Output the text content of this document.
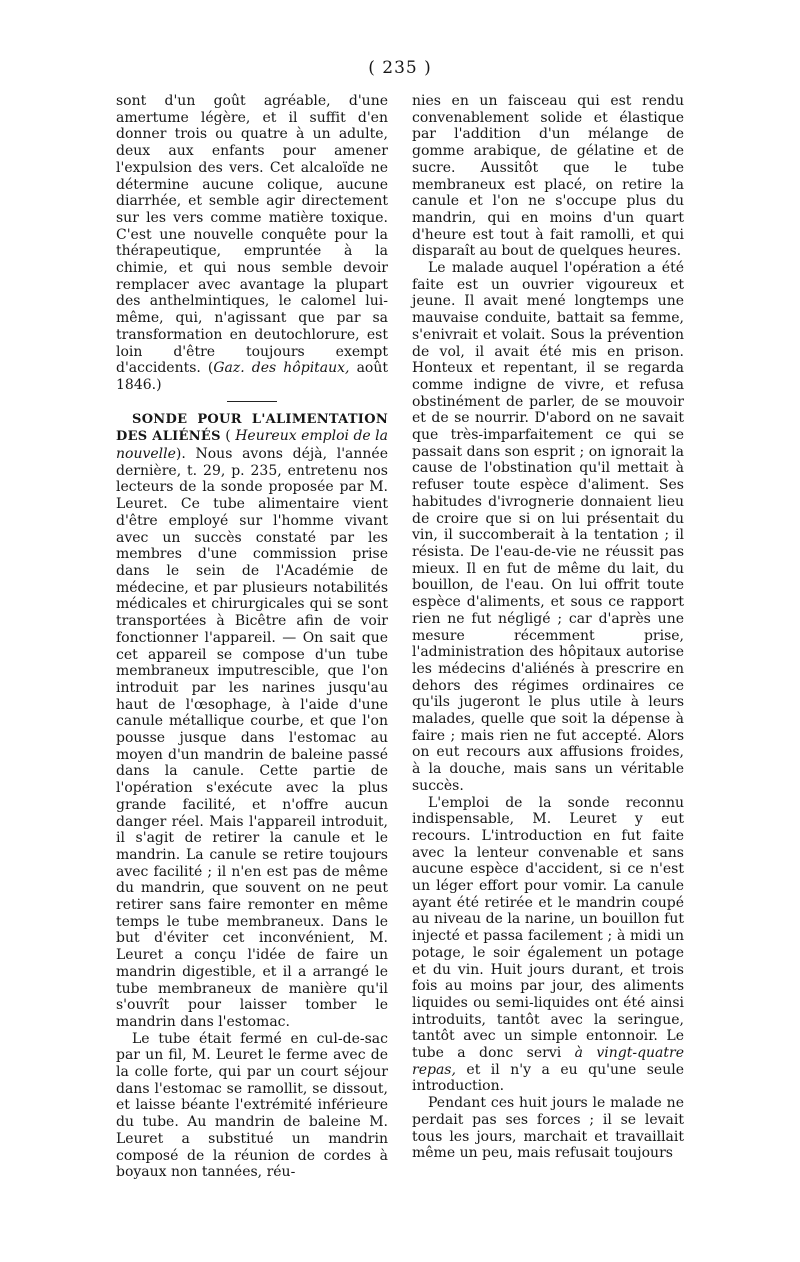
( 235 )

sont d'un goût agréable, d'une amertume légère, et il suffit d'en donner trois ou quatre à un adulte, deux aux enfants pour amener l'expulsion des vers. Cet alcaloïde ne détermine aucune colique, aucune diarrhée, et semble agir directement sur les vers comme matière toxique. C'est une nouvelle conquête pour la thérapeutique, empruntée à la chimie, et qui nous semble devoir remplacer avec avantage la plupart des anthelmintiques, le calomel lui-même, qui, n'agissant que par sa transformation en deutochlorure, est loin d'être toujours exempt d'accidents. (Gaz. des hôpitaux, août 1846.)

SONDE POUR L'ALIMENTATION DES ALIÉNÉS ( Heureux emploi de la nouvelle). Nous avons déjà, l'année dernière, t. 29, p. 235, entretenu nos lecteurs de la sonde proposée par M. Leuret. Ce tube alimentaire vient d'être employé sur l'homme vivant avec un succès constaté par les membres d'une commission prise dans le sein de l'Académie de médecine, et par plusieurs notabilités médicales et chirurgicales qui se sont transportées à Bicêtre afin de voir fonctionner l'appareil. — On sait que cet appareil se compose d'un tube membraneux imputrescible, que l'on introduit par les narines jusqu'au haut de l'œsophage, à l'aide d'une canule métallique courbe, et que l'on pousse jusque dans l'estomac au moyen d'un mandrin de baleine passé dans la canule. Cette partie de l'opération s'exécute avec la plus grande facilité, et n'offre aucun danger réel. Mais l'appareil introduit, il s'agit de retirer la canule et le mandrin. La canule se retire toujours avec facilité ; il n'en est pas de même du mandrin, que souvent on ne peut retirer sans faire remonter en même temps le tube membraneux. Dans le but d'éviter cet inconvénient, M. Leuret a conçu l'idée de faire un mandrin digestible, et il a arrangé le tube membraneux de manière qu'il s'ouvrît pour laisser tomber le mandrin dans l'estomac.

Le tube était fermé en cul-de-sac par un fil, M. Leuret le ferme avec de la colle forte, qui par un court séjour dans l'estomac se ramollit, se dissout, et laisse béante l'extrémité inférieure du tube. Au mandrin de baleine M. Leuret a substitué un mandrin composé de la réunion de cordes à boyaux non tannées, réu-

nies en un faisceau qui est rendu convenablement solide et élastique par l'addition d'un mélange de gomme arabique, de gélatine et de sucre. Aussitôt que le tube membraneux est placé, on retire la canule et l'on ne s'occupe plus du mandrin, qui en moins d'un quart d'heure est tout à fait ramolli, et qui disparaît au bout de quelques heures.

Le malade auquel l'opération a été faite est un ouvrier vigoureux et jeune. Il avait mené longtemps une mauvaise conduite, battait sa femme, s'enivrait et volait. Sous la prévention de vol, il avait été mis en prison. Honteux et repentant, il se regarda comme indigne de vivre, et refusa obstinément de parler, de se mouvoir et de se nourrir. D'abord on ne savait que très-imparfaitement ce qui se passait dans son esprit ; on ignorait la cause de l'obstination qu'il mettait à refuser toute espèce d'aliment. Ses habitudes d'ivrognerie donnaient lieu de croire que si on lui présentait du vin, il succomberait à la tentation ; il résista. De l'eau-de-vie ne réussit pas mieux. Il en fut de même du lait, du bouillon, de l'eau. On lui offrit toute espèce d'aliments, et sous ce rapport rien ne fut négligé ; car d'après une mesure récemment prise, l'administration des hôpitaux autorise les médecins d'aliénés à prescrire en dehors des régimes ordinaires ce qu'ils jugeront le plus utile à leurs malades, quelle que soit la dépense à faire ; mais rien ne fut accepté. Alors on eut recours aux affusions froides, à la douche, mais sans un véritable succès.

L'emploi de la sonde reconnu indispensable, M. Leuret y eut recours. L'introduction en fut faite avec la lenteur convenable et sans aucune espèce d'accident, si ce n'est un léger effort pour vomir. La canule ayant été retirée et le mandrin coupé au niveau de la narine, un bouillon fut injecté et passa facilement ; à midi un potage, le soir également un potage et du vin. Huit jours durant, et trois fois au moins par jour, des aliments liquides ou semi-liquides ont été ainsi introduits, tantôt avec la seringue, tantôt avec un simple entonnoir. Le tube a donc servi à vingt-quatre repas, et il n'y a eu qu'une seule introduction.

Pendant ces huit jours le malade ne perdait pas ses forces ; il se levait tous les jours, marchait et travaillait même un peu, mais refusait toujours
